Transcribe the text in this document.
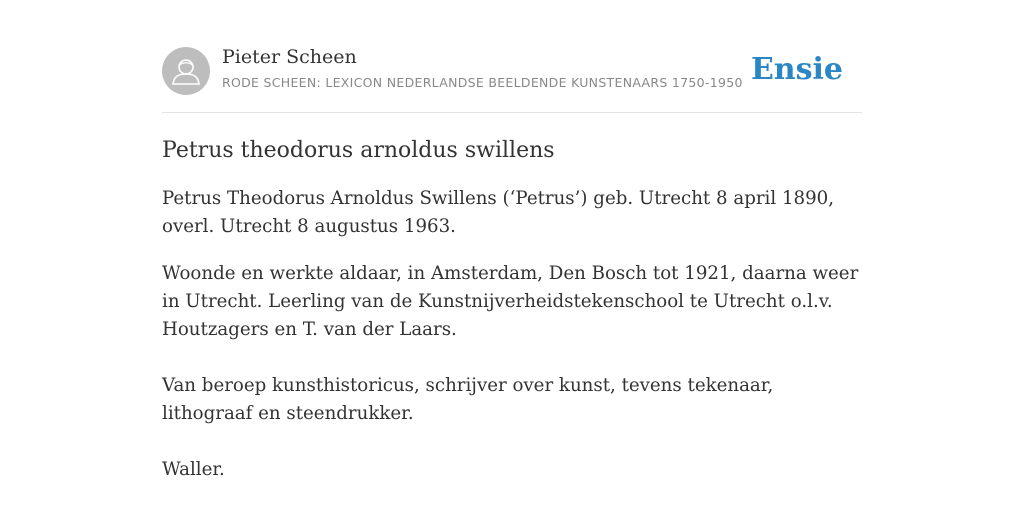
Pieter Scheen
RODE SCHEEN: LEXICON NEDERLANDSE BEELDENDE KUNSTENAARS 1750-1950 Ensie
Petrus theodorus arnoldus swillens

Petrus Theodorus Arnoldus Swillens (‘Petrus’) geb. Utrecht 8 april 1890, overl. Utrecht 8 augustus 1963.

Woonde en werkte aldaar, in Amsterdam, Den Bosch tot 1921, daarna weer in Utrecht. Leerling van de Kunstnijverheidstekenschool te Utrecht o.l.v. Houtzagers en T. van der Laars.

Van beroep kunsthistoricus, schrijver over kunst, tevens tekenaar, lithograaf en steendrukker.

Waller.
